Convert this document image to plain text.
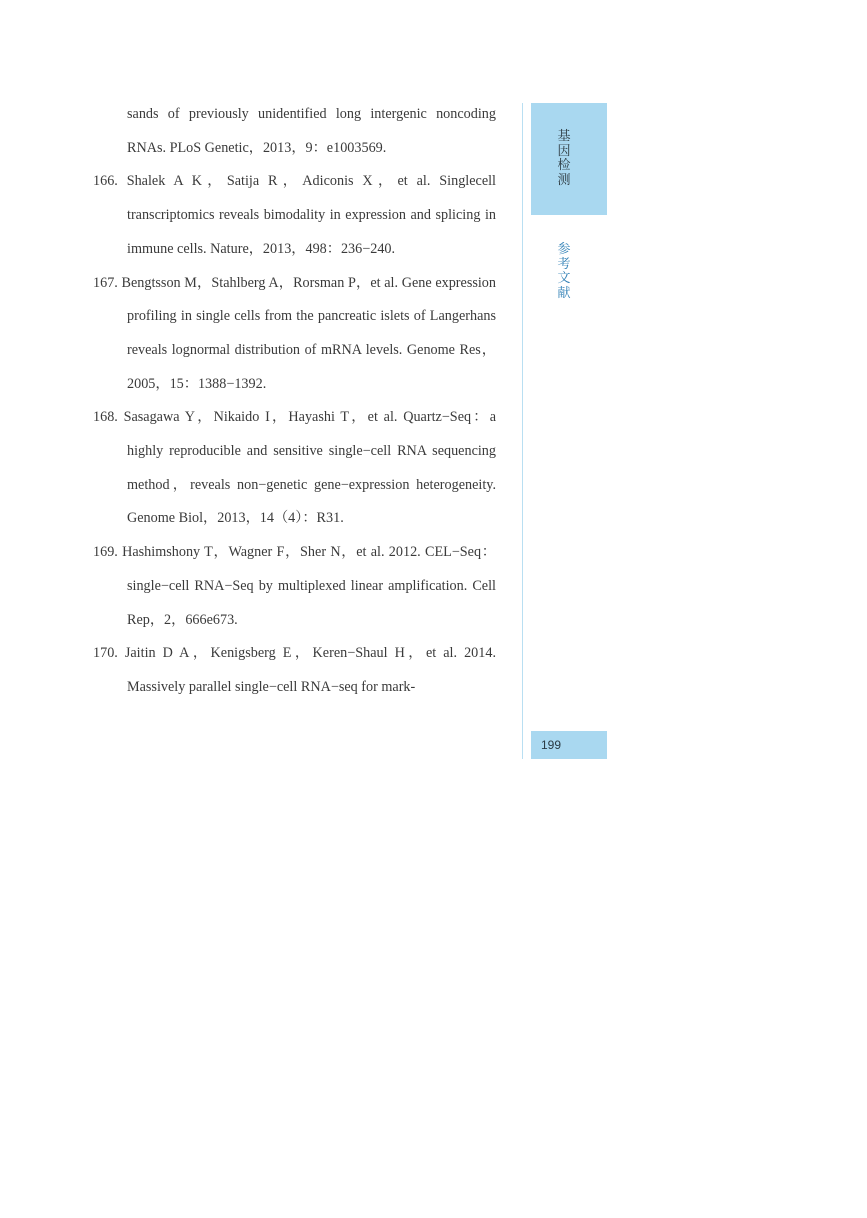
sands of previously unidentified long intergenic noncoding RNAs. PLoS Genetic，2013，9：e1003569.

166. Shalek A K，Satija R，Adiconis X，et al. Singlecell transcriptomics reveals bimodality in expression and splicing in immune cells. Nature，2013，498：236−240.

167. Bengtsson M，Stahlberg A，Rorsman P，et al. Gene expression profiling in single cells from the pancreatic islets of Langerhans reveals lognormal distribution of mRNA levels. Genome Res，2005，15：1388−1392.

168. Sasagawa Y，Nikaido I，Hayashi T，et al. Quartz−Seq：a highly reproducible and sensitive single−cell RNA sequencing method，reveals non−genetic gene−expression heterogeneity. Genome Biol，2013，14（4）：R31.

169. Hashimshony T，Wagner F，Sher N，et al. 2012. CEL−Seq：single−cell RNA−Seq by multiplexed linear amplification. Cell Rep，2，666e673.

170. Jaitin D A，Kenigsberg E，Keren−Shaul H，et al. 2014. Massively parallel single−cell RNA−seq for mark-

基
因
检
测
参
考
文
献
199
